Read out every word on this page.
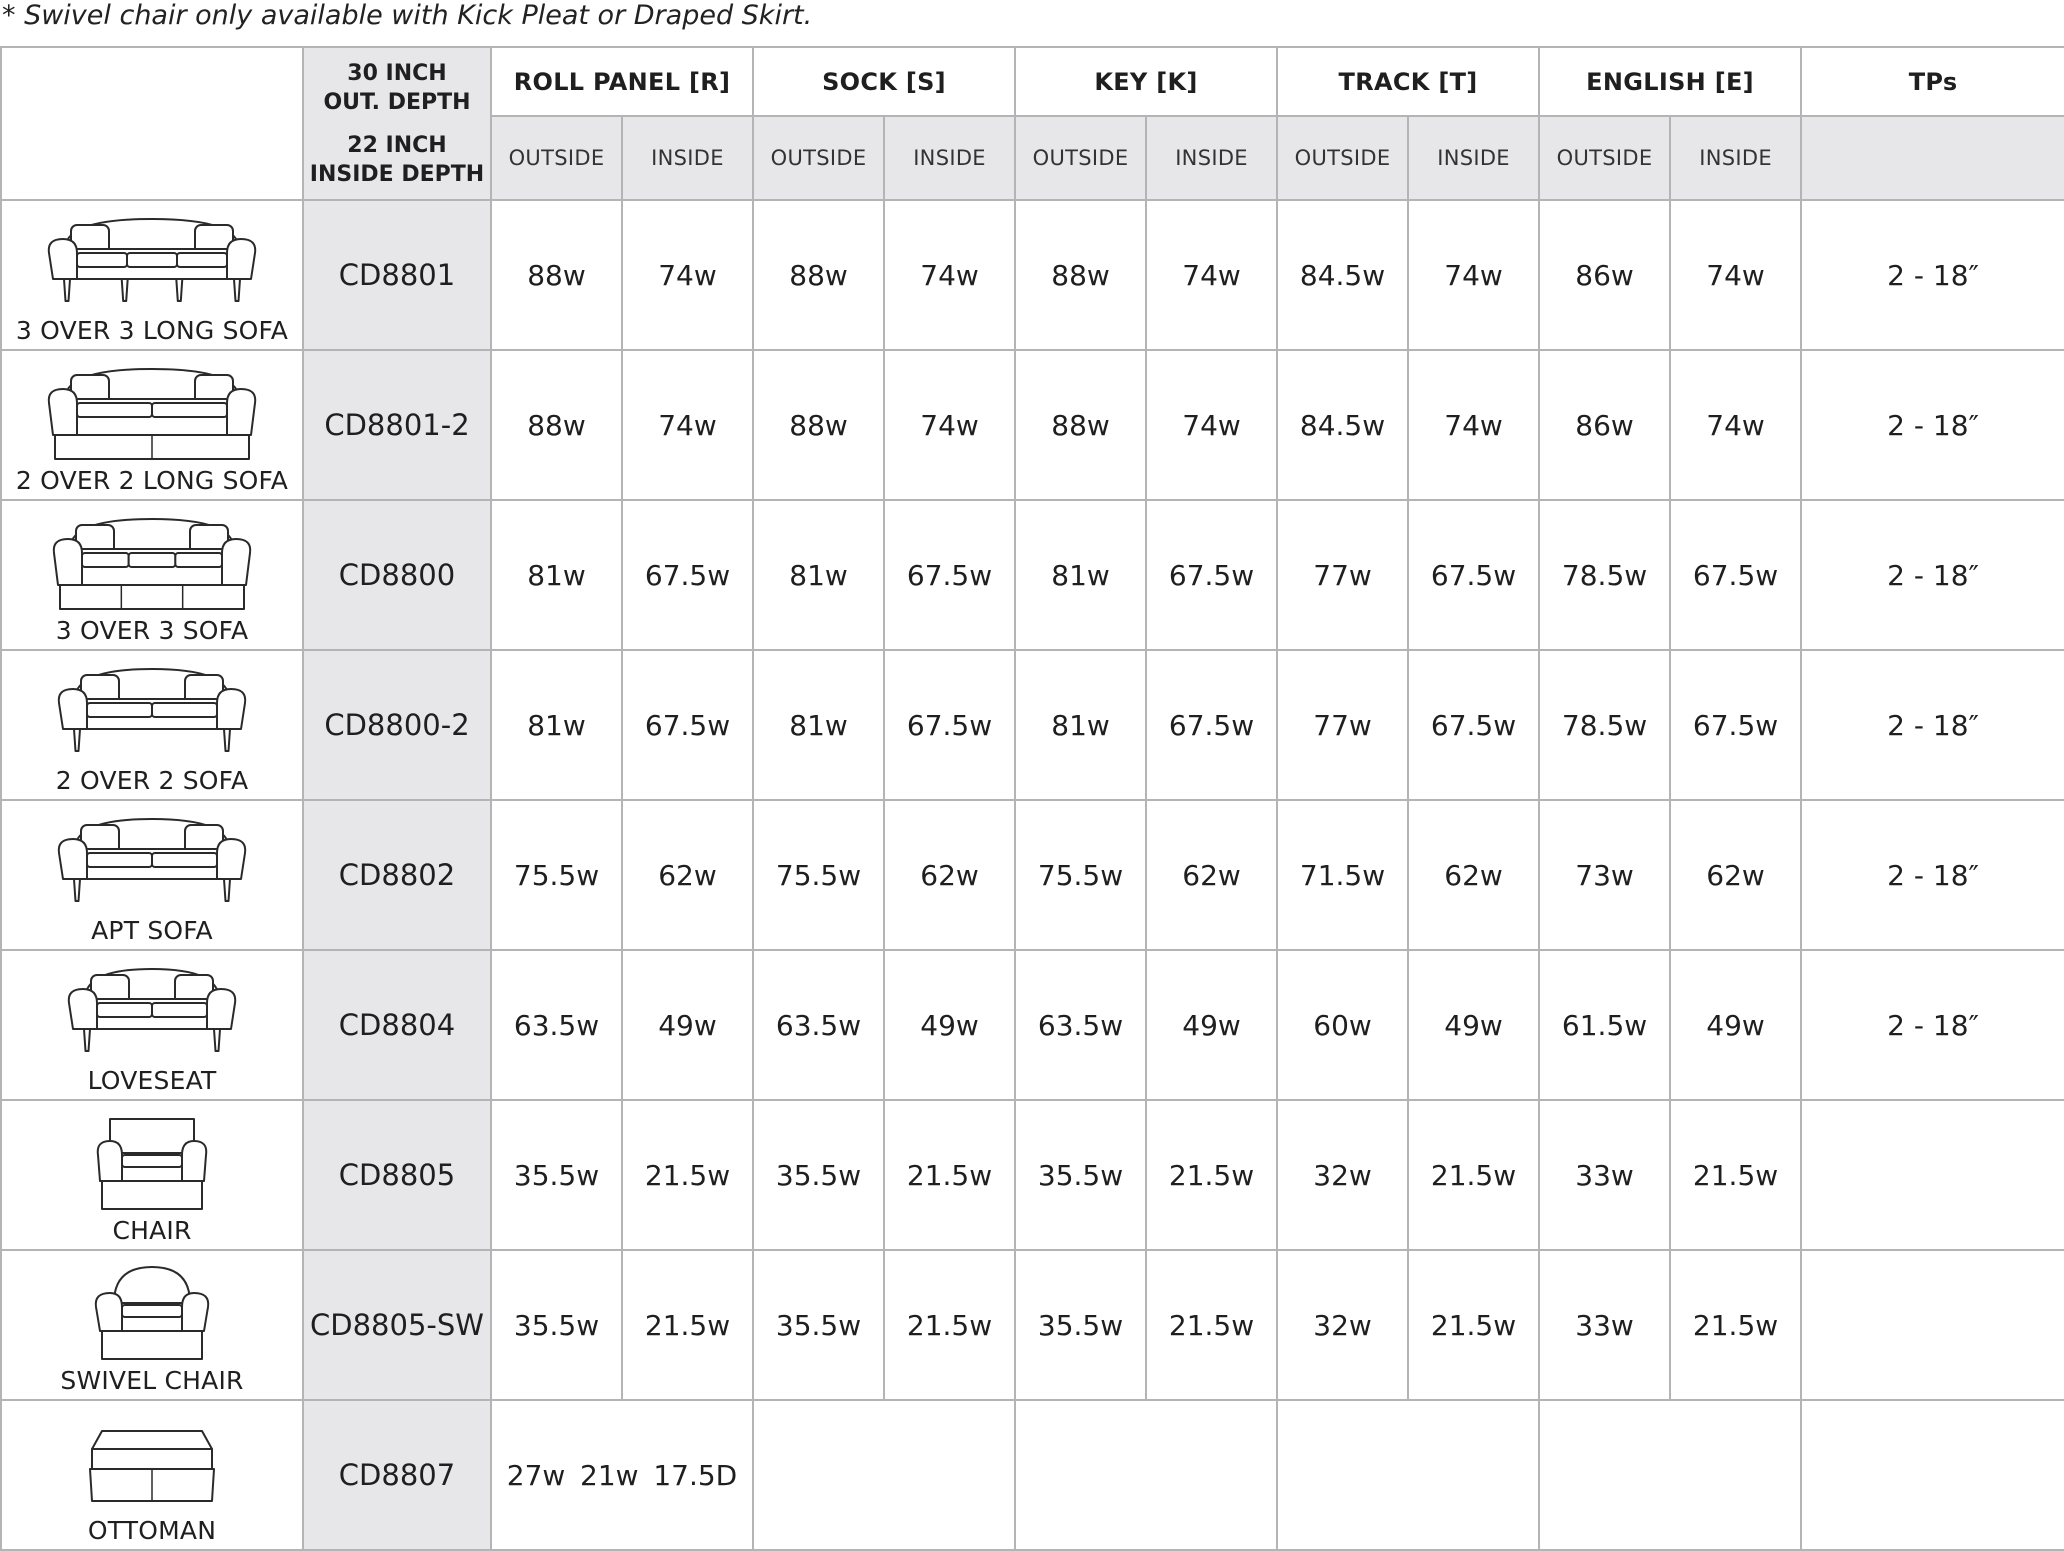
* Swivel chair only available with Kick Pleat or Draped Skirt.
	30 INCH
OUT. DEPTH
22 INCH
INSIDE DEPTH	ROLL PANEL [R]		SOCK [S]		KEY [K]		TRACK [T]		ENGLISH [E]		TPs
		OUTSIDE	INSIDE	OUTSIDE	INSIDE	OUTSIDE	INSIDE	OUTSIDE	INSIDE	OUTSIDE	INSIDE	

3 OVER 3 LONG SOFA	CD8801	88w	74w	88w	74w	88w	74w	84.5w	74w	86w	74w	2 - 18″

2 OVER 2 LONG SOFA	CD8801-2	88w	74w	88w	74w	88w	74w	84.5w	74w	86w	74w	2 - 18″

3 OVER 3 SOFA	CD8800	81w	67.5w	81w	67.5w	81w	67.5w	77w	67.5w	78.5w	67.5w	2 - 18″

2 OVER 2 SOFA	CD8800-2	81w	67.5w	81w	67.5w	81w	67.5w	77w	67.5w	78.5w	67.5w	2 - 18″

APT SOFA	CD8802	75.5w	62w	75.5w	62w	75.5w	62w	71.5w	62w	73w	62w	2 - 18″

LOVESEAT	CD8804	63.5w	49w	63.5w	49w	63.5w	49w	60w	49w	61.5w	49w	2 - 18″

CHAIR	CD8805	35.5w	21.5w	35.5w	21.5w	35.5w	21.5w	32w	21.5w	33w	21.5w	

SWIVEL CHAIR	CD8805-SW	35.5w	21.5w	35.5w	21.5w	35.5w	21.5w	32w	21.5w	33w	21.5w	

OTTOMAN	CD8807	27w 21w 17.5D										
